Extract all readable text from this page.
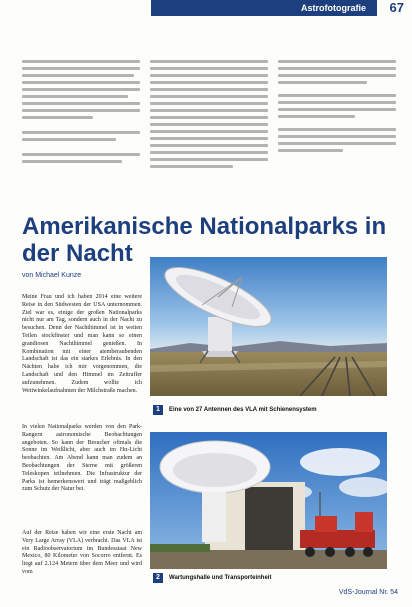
Astrofotografie 67
Amerikanische Nationalparks in der Nacht
von Michael Kunze

Meine Frau und ich haben 2014 eine weitere Reise in den Südwesten der USA unternommen. Ziel war es, einige der großen Nationalparks nicht nur am Tag, sondern auch in der Nacht zu besuchen. Denn der Nachthimmel ist in weiten Teilen stockfinster und man kann so einen grandiosen Nachthimmel genießen. In Kombination mit einer atemberaubenden Landschaft ist das ein starkes Erlebnis. In den Nächten habe ich mir vorgenommen, die Landschaft und den Himmel im Zeitraffer aufzunehmen. Zudem wollte ich Weitwinkelaufnahmen der Milchstraße machen.

In vielen Nationalparks werden von den Park-Rangern astronomische Beobachtungen angeboten. So kann der Besucher oftmals die Sonne im Weißlicht, aber auch im Hα-Licht beobachten. Am Abend kann man zudem an Beobachtungen der Sterne mit größeren Teleskopen teilnehmen. Die Infrastruktur der Parks ist bemerkenswert und trägt maßgeblich zum Schutz der Natur bei.

Auf der Reise haben wir eine erste Nacht am Very Large Array (VLA) verbracht. Das VLA ist ein Radioobservatorium im Bundesstaat New Mexico, 80 Kilometer von Socorro entfernt. Es liegt auf 2.124 Metern über dem Meer und wird vom

1	Eine von 27 Antennen des VLA mit Schienensystem
2	Wartungshalle und Transporteinheit
VdS-Journal Nr. 54
